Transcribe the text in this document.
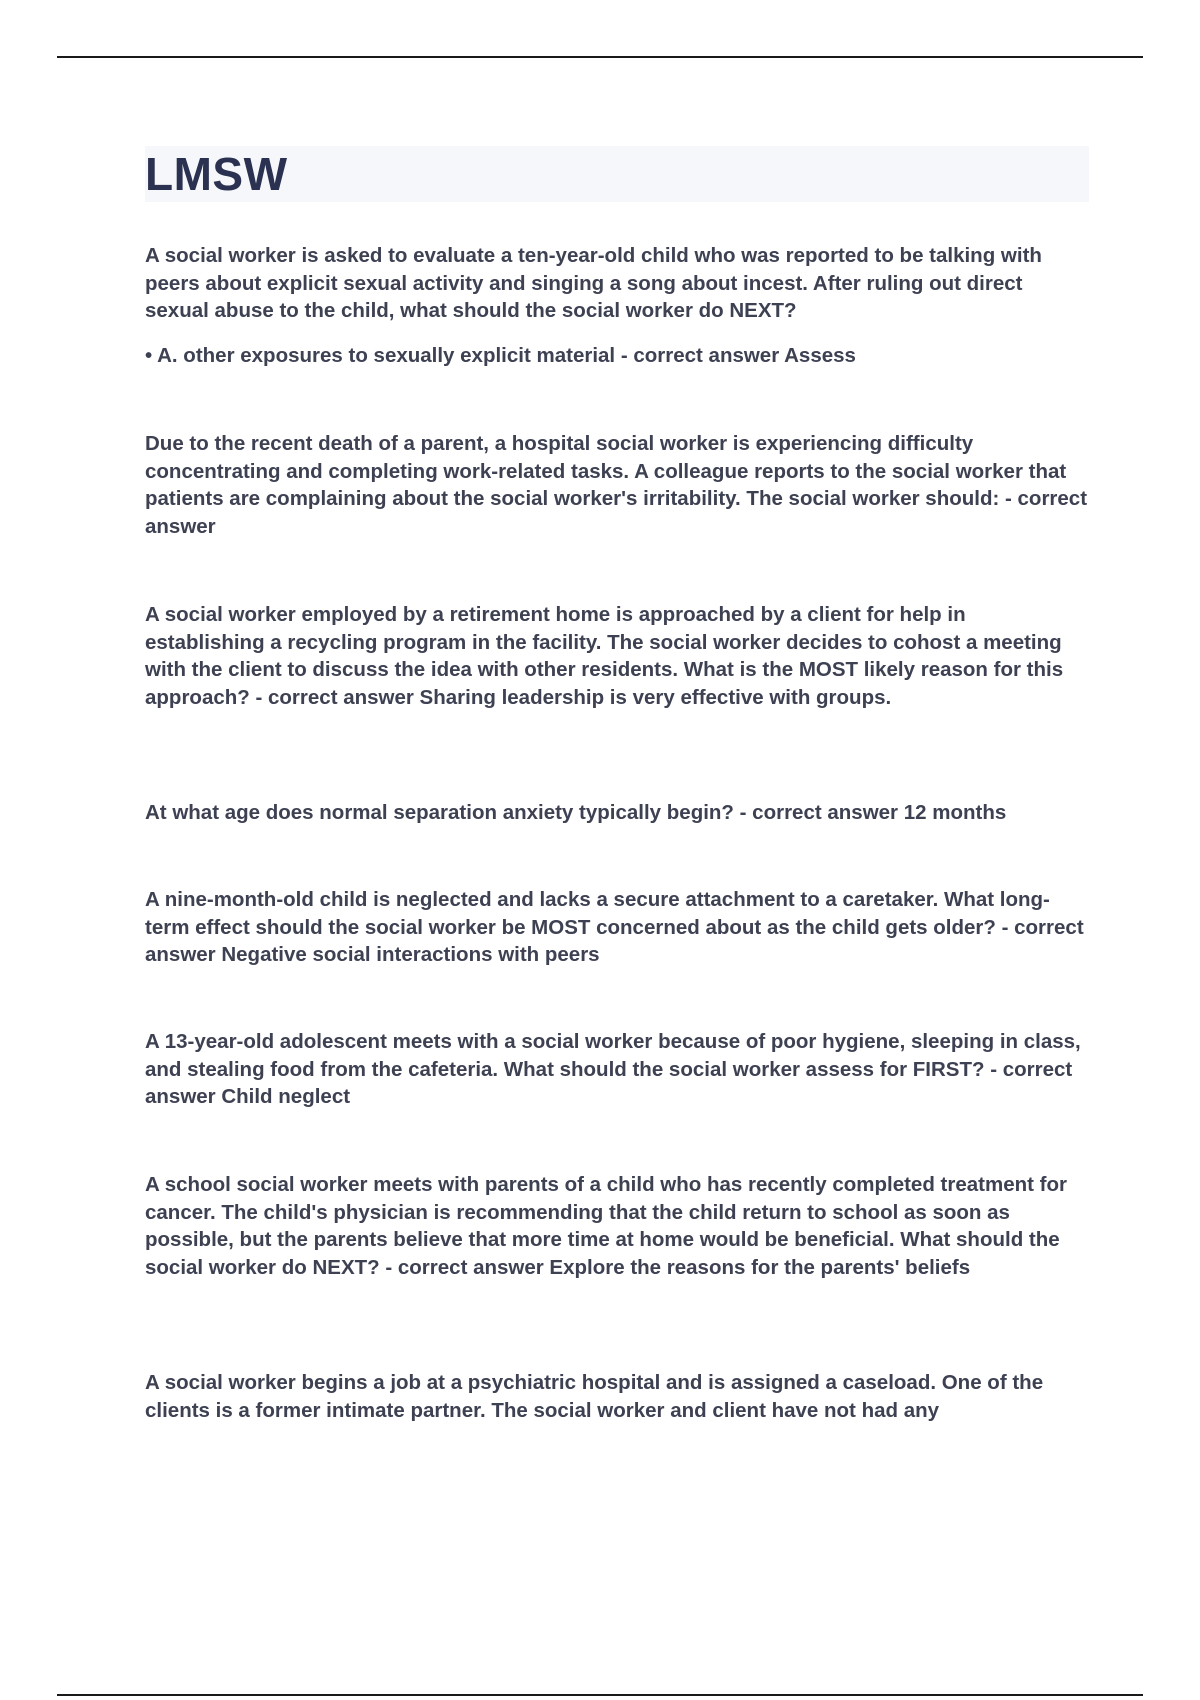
LMSW

A social worker is asked to evaluate a ten-year-old child who was reported to be talking with peers about explicit sexual activity and singing a song about incest. After ruling out direct sexual abuse to the child, what should the social worker do NEXT?

• A. other exposures to sexually explicit material - correct answer Assess

Due to the recent death of a parent, a hospital social worker is experiencing difficulty concentrating and completing work-related tasks. A colleague reports to the social worker that patients are complaining about the social worker's irritability. The social worker should: - correct answer

A social worker employed by a retirement home is approached by a client for help in establishing a recycling program in the facility. The social worker decides to cohost a meeting with the client to discuss the idea with other residents. What is the MOST likely reason for this approach? - correct answer Sharing leadership is very effective with groups.

At what age does normal separation anxiety typically begin? - correct answer 12 months

A nine-month-old child is neglected and lacks a secure attachment to a caretaker. What long-term effect should the social worker be MOST concerned about as the child gets older? - correct answer Negative social interactions with peers

A 13-year-old adolescent meets with a social worker because of poor hygiene, sleeping in class, and stealing food from the cafeteria. What should the social worker assess for FIRST? - correct answer Child neglect

A school social worker meets with parents of a child who has recently completed treatment for cancer. The child's physician is recommending that the child return to school as soon as possible, but the parents believe that more time at home would be beneficial. What should the social worker do NEXT? - correct answer Explore the reasons for the parents' beliefs

A social worker begins a job at a psychiatric hospital and is assigned a caseload. One of the clients is a former intimate partner. The social worker and client have not had any
